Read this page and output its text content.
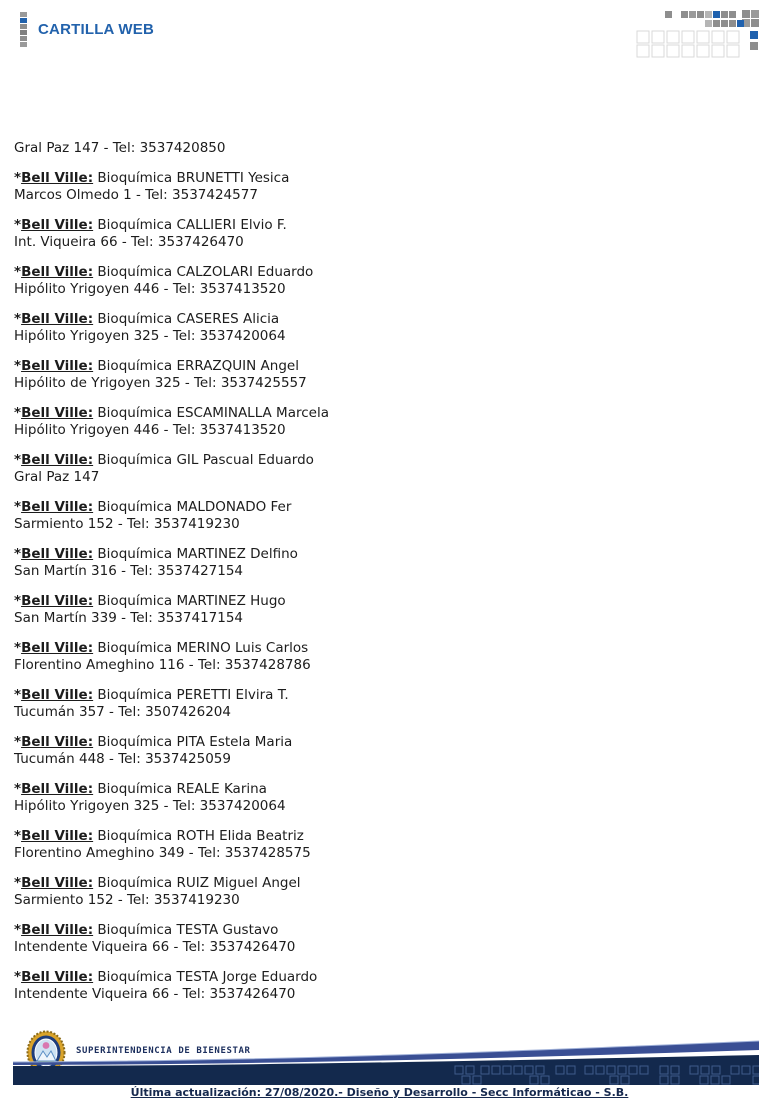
CARTILLA WEB

Gral Paz 147 - Tel: 3537420850

*Bell Ville: Bioquímica BRUNETTI Yesica
Marcos Olmedo 1 - Tel: 3537424577

*Bell Ville: Bioquímica CALLIERI Elvio F.
Int. Viqueira 66 - Tel: 3537426470

*Bell Ville: Bioquímica CALZOLARI Eduardo
Hipólito Yrigoyen 446 - Tel: 3537413520

*Bell Ville: Bioquímica CASERES Alicia
Hipólito Yrigoyen 325 - Tel: 3537420064

*Bell Ville: Bioquímica ERRAZQUIN Angel
Hipólito de Yrigoyen 325 - Tel: 3537425557

*Bell Ville: Bioquímica ESCAMINALLA Marcela
Hipólito Yrigoyen 446 - Tel: 3537413520

*Bell Ville: Bioquímica GIL Pascual Eduardo
Gral Paz 147

*Bell Ville: Bioquímica MALDONADO Fer
Sarmiento 152 - Tel: 3537419230

*Bell Ville: Bioquímica MARTINEZ Delfino
San Martín 316 - Tel: 3537427154

*Bell Ville: Bioquímica MARTINEZ Hugo
San Martín 339 - Tel: 3537417154

*Bell Ville: Bioquímica MERINO Luis Carlos
Florentino Ameghino 116 - Tel: 3537428786

*Bell Ville: Bioquímica PERETTI Elvira T.
Tucumán 357 - Tel: 3507426204

*Bell Ville: Bioquímica PITA Estela Maria
Tucumán 448 - Tel: 3537425059

*Bell Ville: Bioquímica REALE Karina
Hipólito Yrigoyen 325 - Tel: 3537420064

*Bell Ville: Bioquímica ROTH Elida Beatriz
Florentino Ameghino 349 - Tel: 3537428575

*Bell Ville: Bioquímica RUIZ Miguel Angel
Sarmiento 152 - Tel: 3537419230

*Bell Ville: Bioquímica TESTA Gustavo
Intendente Viqueira 66 - Tel: 3537426470

*Bell Ville: Bioquímica TESTA Jorge Eduardo
Intendente Viqueira 66 - Tel: 3537426470

SUPERINTENDENCIA DE BIENESTAR
Última actualización: 27/08/2020.- Diseño y Desarrollo - Secc Informáticao - S.B.
